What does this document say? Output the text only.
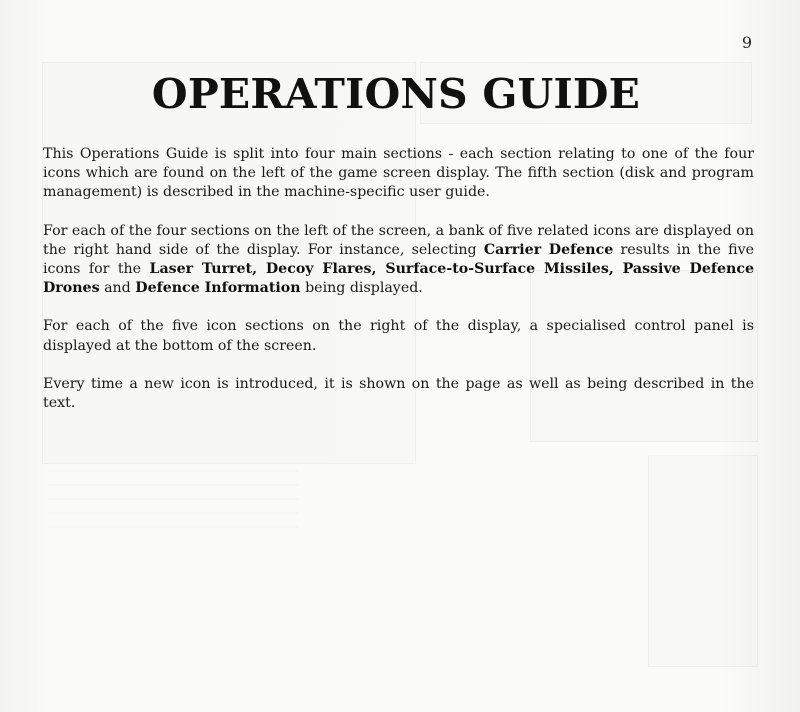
9
OPERATIONS GUIDE

This Operations Guide is split into four main sections - each section relating to one of the four icons which are found on the left of the game screen display. The fifth section (disk and program management) is described in the machine-specific user guide.

For each of the four sections on the left of the screen, a bank of five related icons are displayed on the right hand side of the display. For instance, selecting Carrier Defence results in the five icons for the Laser Turret, Decoy Flares, Surface-to-Surface Missiles, Passive Defence Drones and Defence Information being displayed.

For each of the five icon sections on the right of the display, a specialised control panel is displayed at the bottom of the screen.

Every time a new icon is introduced, it is shown on the page as well as being described in the text.
